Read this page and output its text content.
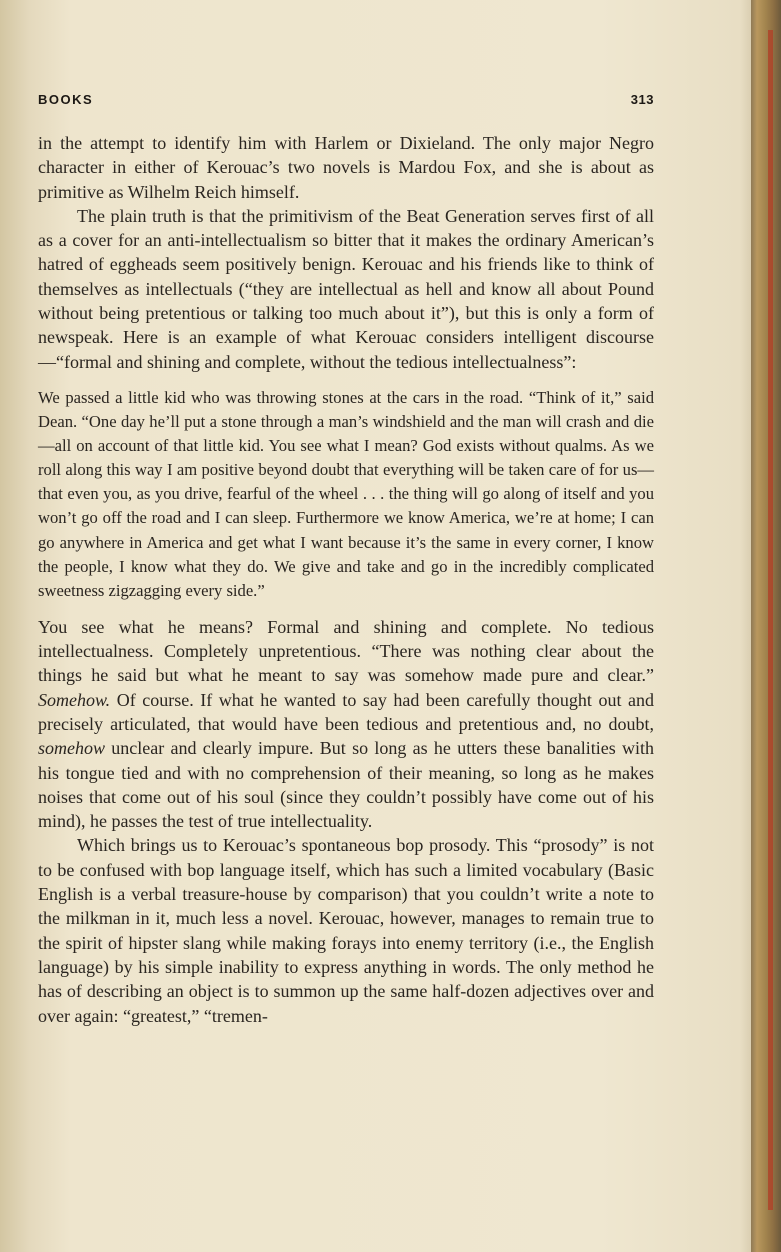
BOOKS	313

in the attempt to identify him with Harlem or Dixieland. The only major Negro character in either of Kerouac’s two novels is Mardou Fox, and she is about as primitive as Wilhelm Reich himself.

The plain truth is that the primitivism of the Beat Generation serves first of all as a cover for an anti-intellectualism so bitter that it makes the ordinary American’s hatred of eggheads seem positively benign. Kerouac and his friends like to think of themselves as intellectuals (“they are intellectual as hell and know all about Pound without being pretentious or talking too much about it”), but this is only a form of newspeak. Here is an example of what Kerouac considers intelligent discourse—“formal and shining and complete, without the tedious intellectualness”:

We passed a little kid who was throwing stones at the cars in the road. “Think of it,” said Dean. “One day he’ll put a stone through a man’s windshield and the man will crash and die—all on account of that little kid. You see what I mean? God exists without qualms. As we roll along this way I am positive beyond doubt that everything will be taken care of for us—that even you, as you drive, fearful of the wheel . . . the thing will go along of itself and you won’t go off the road and I can sleep. Furthermore we know America, we’re at home; I can go anywhere in America and get what I want because it’s the same in every corner, I know the people, I know what they do. We give and take and go in the incredibly complicated sweetness zigzagging every side.”

You see what he means? Formal and shining and complete. No tedious intellectualness. Completely unpretentious. “There was nothing clear about the things he said but what he meant to say was somehow made pure and clear.” Somehow. Of course. If what he wanted to say had been carefully thought out and precisely articulated, that would have been tedious and pretentious and, no doubt, somehow unclear and clearly impure. But so long as he utters these banalities with his tongue tied and with no comprehension of their meaning, so long as he makes noises that come out of his soul (since they couldn’t possibly have come out of his mind), he passes the test of true intellectuality.

Which brings us to Kerouac’s spontaneous bop prosody. This “prosody” is not to be confused with bop language itself, which has such a limited vocabulary (Basic English is a verbal treasure-house by comparison) that you couldn’t write a note to the milkman in it, much less a novel. Kerouac, however, manages to remain true to the spirit of hipster slang while making forays into enemy territory (i.e., the English language) by his simple inability to express anything in words. The only method he has of describing an object is to summon up the same half-dozen adjectives over and over again: “greatest,” “tremen-
